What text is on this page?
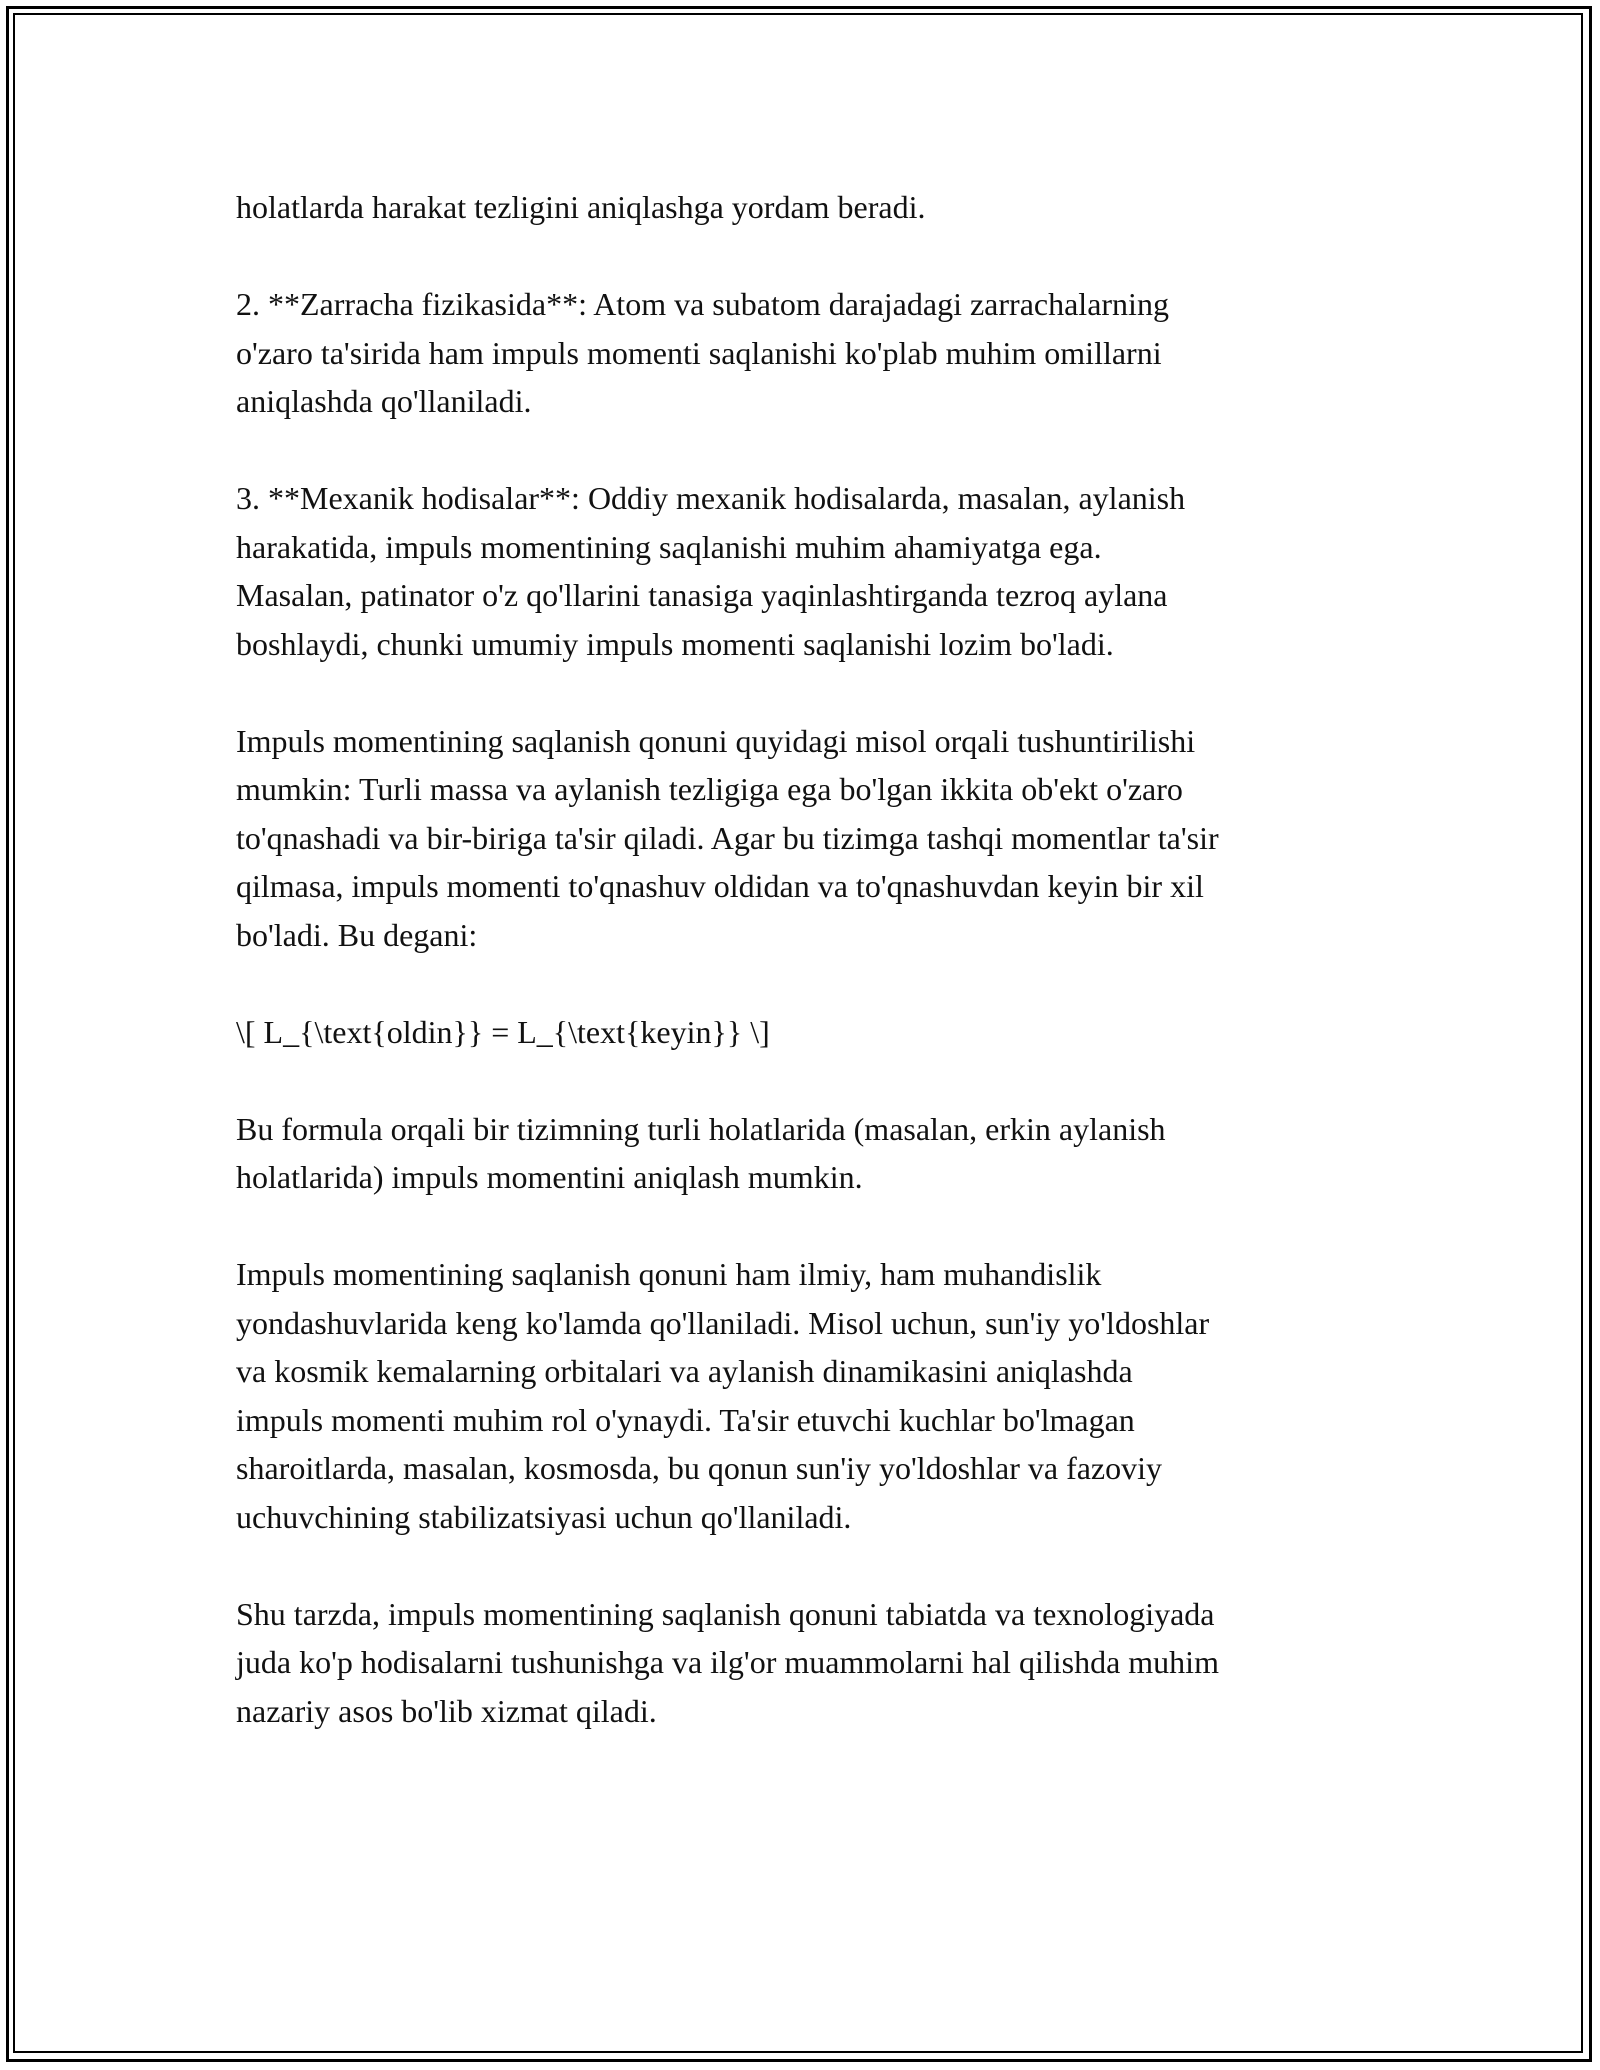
holatlarda harakat tezligini aniqlashga yordam beradi.

2. **Zarracha fizikasida**: Atom va subatom darajadagi zarrachalarning
o'zaro ta'sirida ham impuls momenti saqlanishi ko'plab muhim omillarni
aniqlashda qo'llaniladi.

3. **Mexanik hodisalar**: Oddiy mexanik hodisalarda, masalan, aylanish
harakatida, impuls momentining saqlanishi muhim ahamiyatga ega.
Masalan, patinator o'z qo'llarini tanasiga yaqinlashtirganda tezroq aylana
boshlaydi, chunki umumiy impuls momenti saqlanishi lozim bo'ladi.

Impuls momentining saqlanish qonuni quyidagi misol orqali tushuntirilishi
mumkin: Turli massa va aylanish tezligiga ega bo'lgan ikkita ob'ekt o'zaro
to'qnashadi va bir-biriga ta'sir qiladi. Agar bu tizimga tashqi momentlar ta'sir
qilmasa, impuls momenti to'qnashuv oldidan va to'qnashuvdan keyin bir xil
bo'ladi. Bu degani:

\[ L_{\text{oldin}} = L_{\text{keyin}} \]

Bu formula orqali bir tizimning turli holatlarida (masalan, erkin aylanish
holatlarida) impuls momentini aniqlash mumkin.

Impuls momentining saqlanish qonuni ham ilmiy, ham muhandislik
yondashuvlarida keng ko'lamda qo'llaniladi. Misol uchun, sun'iy yo'ldoshlar
va kosmik kemalarning orbitalari va aylanish dinamikasini aniqlashda
impuls momenti muhim rol o'ynaydi. Ta'sir etuvchi kuchlar bo'lmagan
sharoitlarda, masalan, kosmosda, bu qonun sun'iy yo'ldoshlar va fazoviy
uchuvchining stabilizatsiyasi uchun qo'llaniladi.

Shu tarzda, impuls momentining saqlanish qonuni tabiatda va texnologiyada
juda ko'p hodisalarni tushunishga va ilg'or muammolarni hal qilishda muhim
nazariy asos bo'lib xizmat qiladi.
